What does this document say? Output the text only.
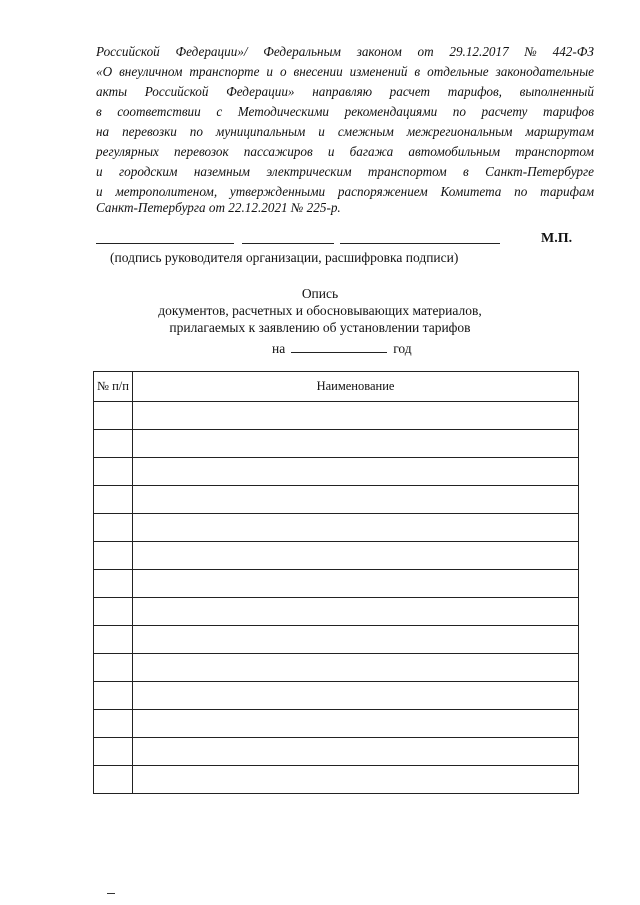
Российской Федерации»/ Федеральным законом от 29.12.2017 № 442-ФЗ
«О внеуличном транспорте и о внесении изменений в отдельные законодательные
акты Российской Федерации» направляю расчет тарифов, выполненный
в соответствии с Методическими рекомендациями по расчету тарифов
на перевозки по муниципальным и смежным межрегиональным маршрутам
регулярных перевозок пассажиров и багажа автомобильным транспортом
и городским наземным электрическим транспортом в Санкт-Петербурге
и метрополитеном, утвержденными распоряжением Комитета по тарифам
Санкт-Петербурга от 22.12.2021 № 225-р.
М.П.
(подпись руководителя организации, расшифровка подписи)
Опись
документов, расчетных и обосновывающих материалов,
прилагаемых к заявлению об установлении тарифов
на	год
№ п/п	Наименование
